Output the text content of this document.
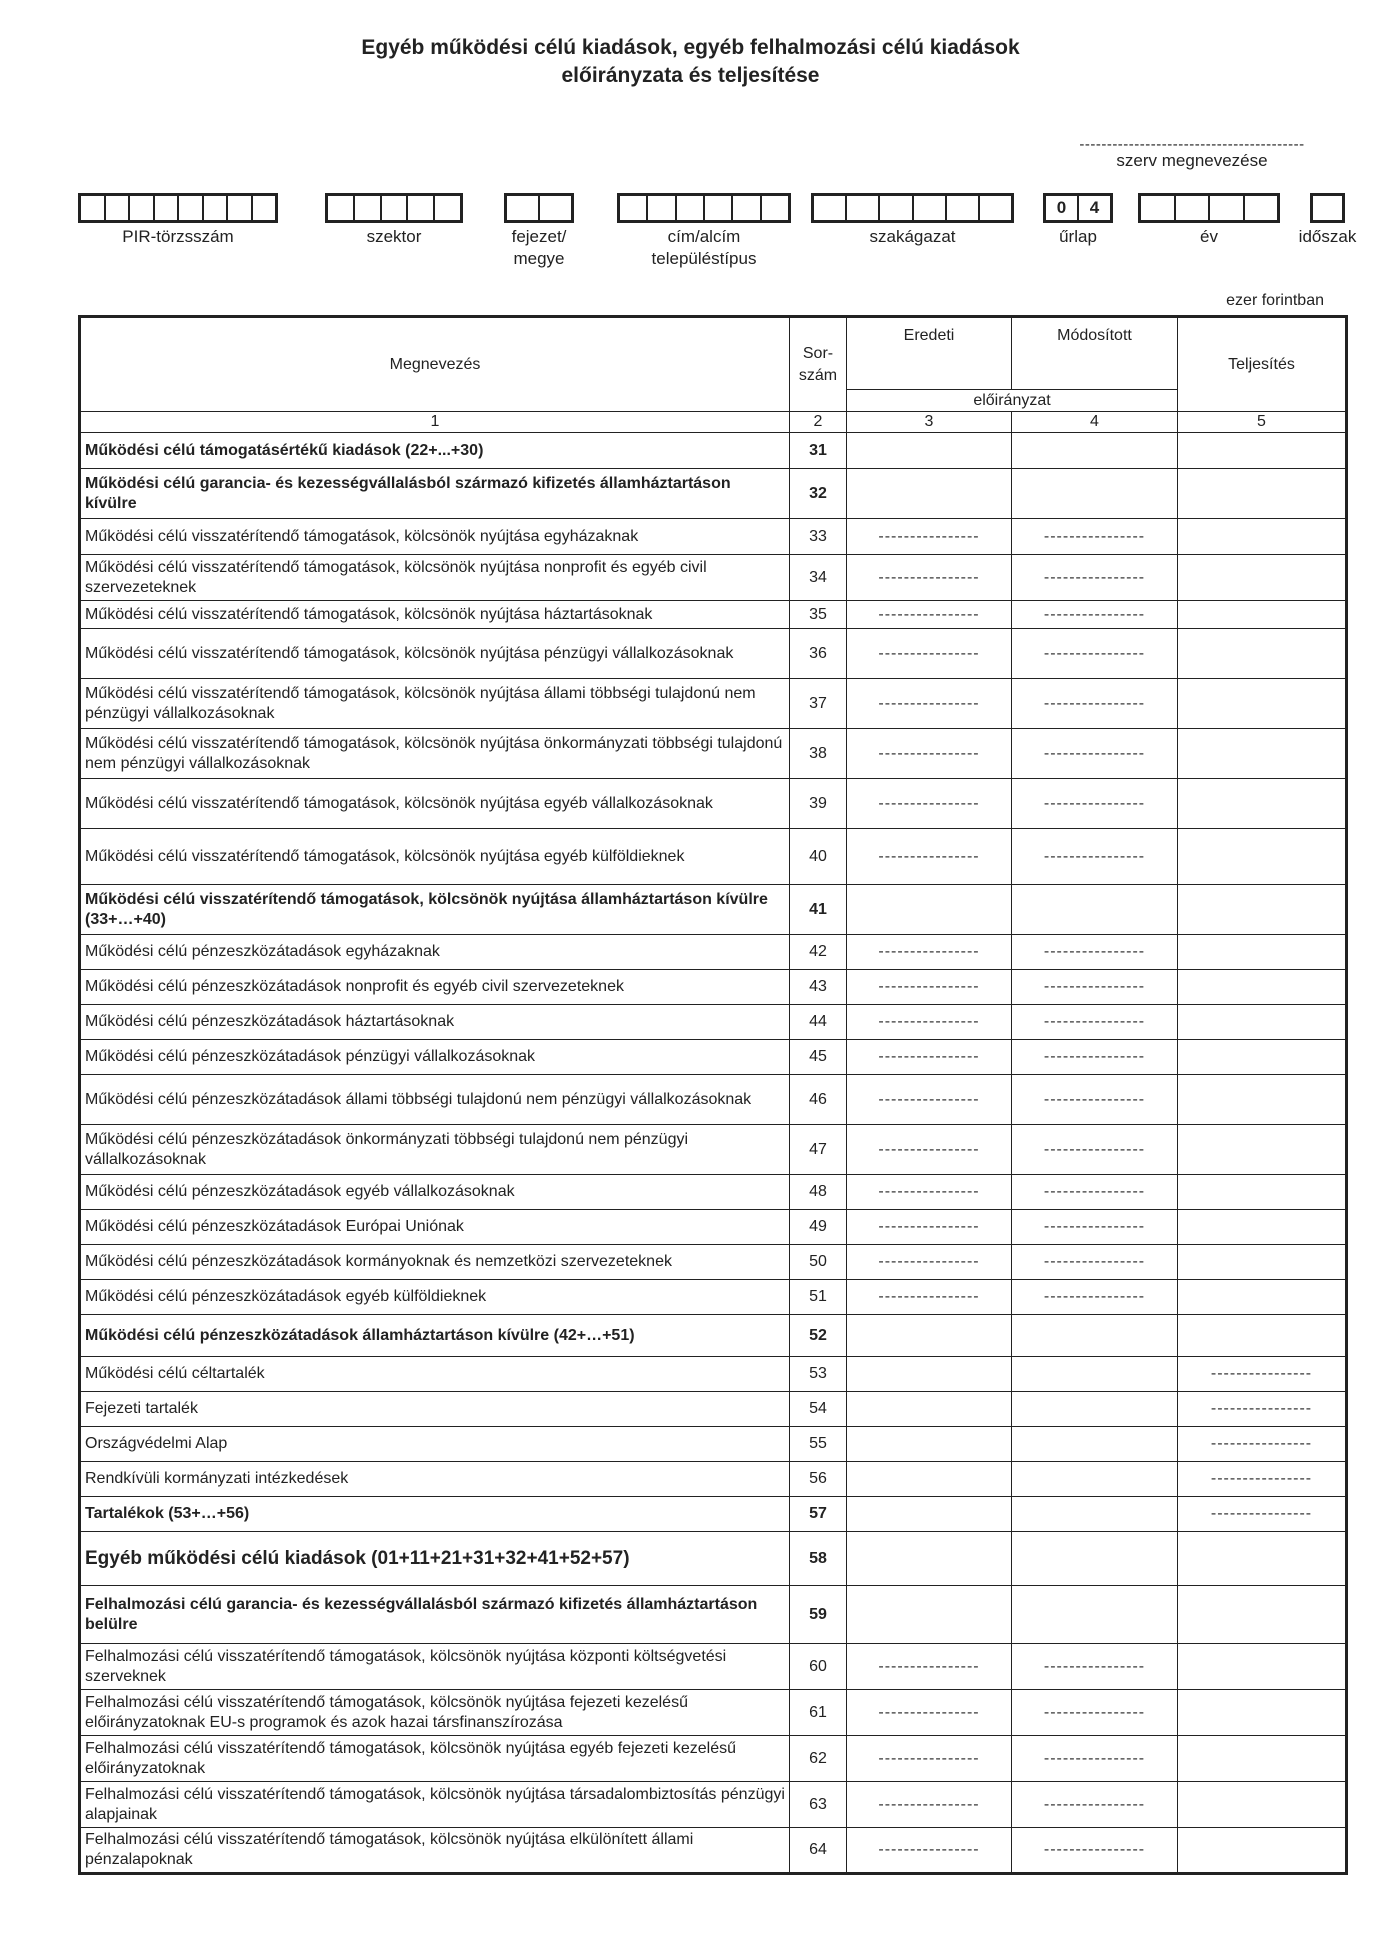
Egyéb működési célú kiadások, egyéb felhalmozási célú kiadások
előirányzata és teljesítése
-----------------------------------------
szerv megnevezése
PIR-törzsszám	szektor	fejezet/
megye
cím/alcím
településtípus
szakágazat
0	4
űrlap	év	időszak
ezer forintban
Megnevezés	Sor-
szám	Eredeti	Módosított	Teljesítés
		előirányzat		
1	2	3	4	5
Működési célú támogatásértékű kiadások (22+...+30)	31			
Működési célú garancia- és kezességvállalásból származó kifizetés államháztartáson kívülre	32			
Működési célú visszatérítendő támogatások, kölcsönök nyújtása egyházaknak	33	----------------	----------------	
Működési célú visszatérítendő támogatások, kölcsönök nyújtása nonprofit és egyéb civil szervezeteknek	34	----------------	----------------	
Működési célú visszatérítendő támogatások, kölcsönök nyújtása háztartásoknak	35	----------------	----------------	
Működési célú visszatérítendő támogatások, kölcsönök nyújtása pénzügyi vállalkozásoknak	36	----------------	----------------	
Működési célú visszatérítendő támogatások, kölcsönök nyújtása állami többségi tulajdonú nem pénzügyi vállalkozásoknak	37	----------------	----------------	
Működési célú visszatérítendő támogatások, kölcsönök nyújtása önkormányzati többségi tulajdonú nem pénzügyi vállalkozásoknak	38	----------------	----------------	
Működési célú visszatérítendő támogatások, kölcsönök nyújtása egyéb vállalkozásoknak	39	----------------	----------------	
Működési célú visszatérítendő támogatások, kölcsönök nyújtása egyéb külföldieknek	40	----------------	----------------	
Működési célú visszatérítendő támogatások, kölcsönök nyújtása államháztartáson kívülre (33+…+40)	41			
Működési célú pénzeszközátadások egyházaknak	42	----------------	----------------	
Működési célú pénzeszközátadások nonprofit és egyéb civil szervezeteknek	43	----------------	----------------	
Működési célú pénzeszközátadások háztartásoknak	44	----------------	----------------	
Működési célú pénzeszközátadások pénzügyi vállalkozásoknak	45	----------------	----------------	
Működési célú pénzeszközátadások állami többségi tulajdonú nem pénzügyi vállalkozásoknak	46	----------------	----------------	
Működési célú pénzeszközátadások önkormányzati többségi tulajdonú nem pénzügyi vállalkozásoknak	47	----------------	----------------	
Működési célú pénzeszközátadások egyéb vállalkozásoknak	48	----------------	----------------	
Működési célú pénzeszközátadások Európai Uniónak	49	----------------	----------------	
Működési célú pénzeszközátadások kormányoknak és nemzetközi szervezeteknek	50	----------------	----------------	
Működési célú pénzeszközátadások egyéb külföldieknek	51	----------------	----------------	
Működési célú pénzeszközátadások államháztartáson kívülre (42+…+51)	52			
Működési célú céltartalék	53			----------------
Fejezeti tartalék	54			----------------
Országvédelmi Alap	55			----------------
Rendkívüli kormányzati intézkedések	56			----------------
Tartalékok (53+…+56)	57			----------------
Egyéb működési célú kiadások (01+11+21+31+32+41+52+57)	58			
Felhalmozási célú garancia- és kezességvállalásból származó kifizetés államháztartáson belülre	59			
Felhalmozási célú visszatérítendő támogatások, kölcsönök nyújtása központi költségvetési szerveknek	60	----------------	----------------	
Felhalmozási célú visszatérítendő támogatások, kölcsönök nyújtása fejezeti kezelésű előirányzatoknak EU-s programok és azok hazai társfinanszírozása	61	----------------	----------------	
Felhalmozási célú visszatérítendő támogatások, kölcsönök nyújtása egyéb fejezeti kezelésű előirányzatoknak	62	----------------	----------------	
Felhalmozási célú visszatérítendő támogatások, kölcsönök nyújtása társadalombiztosítás pénzügyi alapjainak	63	----------------	----------------	
Felhalmozási célú visszatérítendő támogatások, kölcsönök nyújtása elkülönített állami pénzalapoknak	64	----------------	----------------	
